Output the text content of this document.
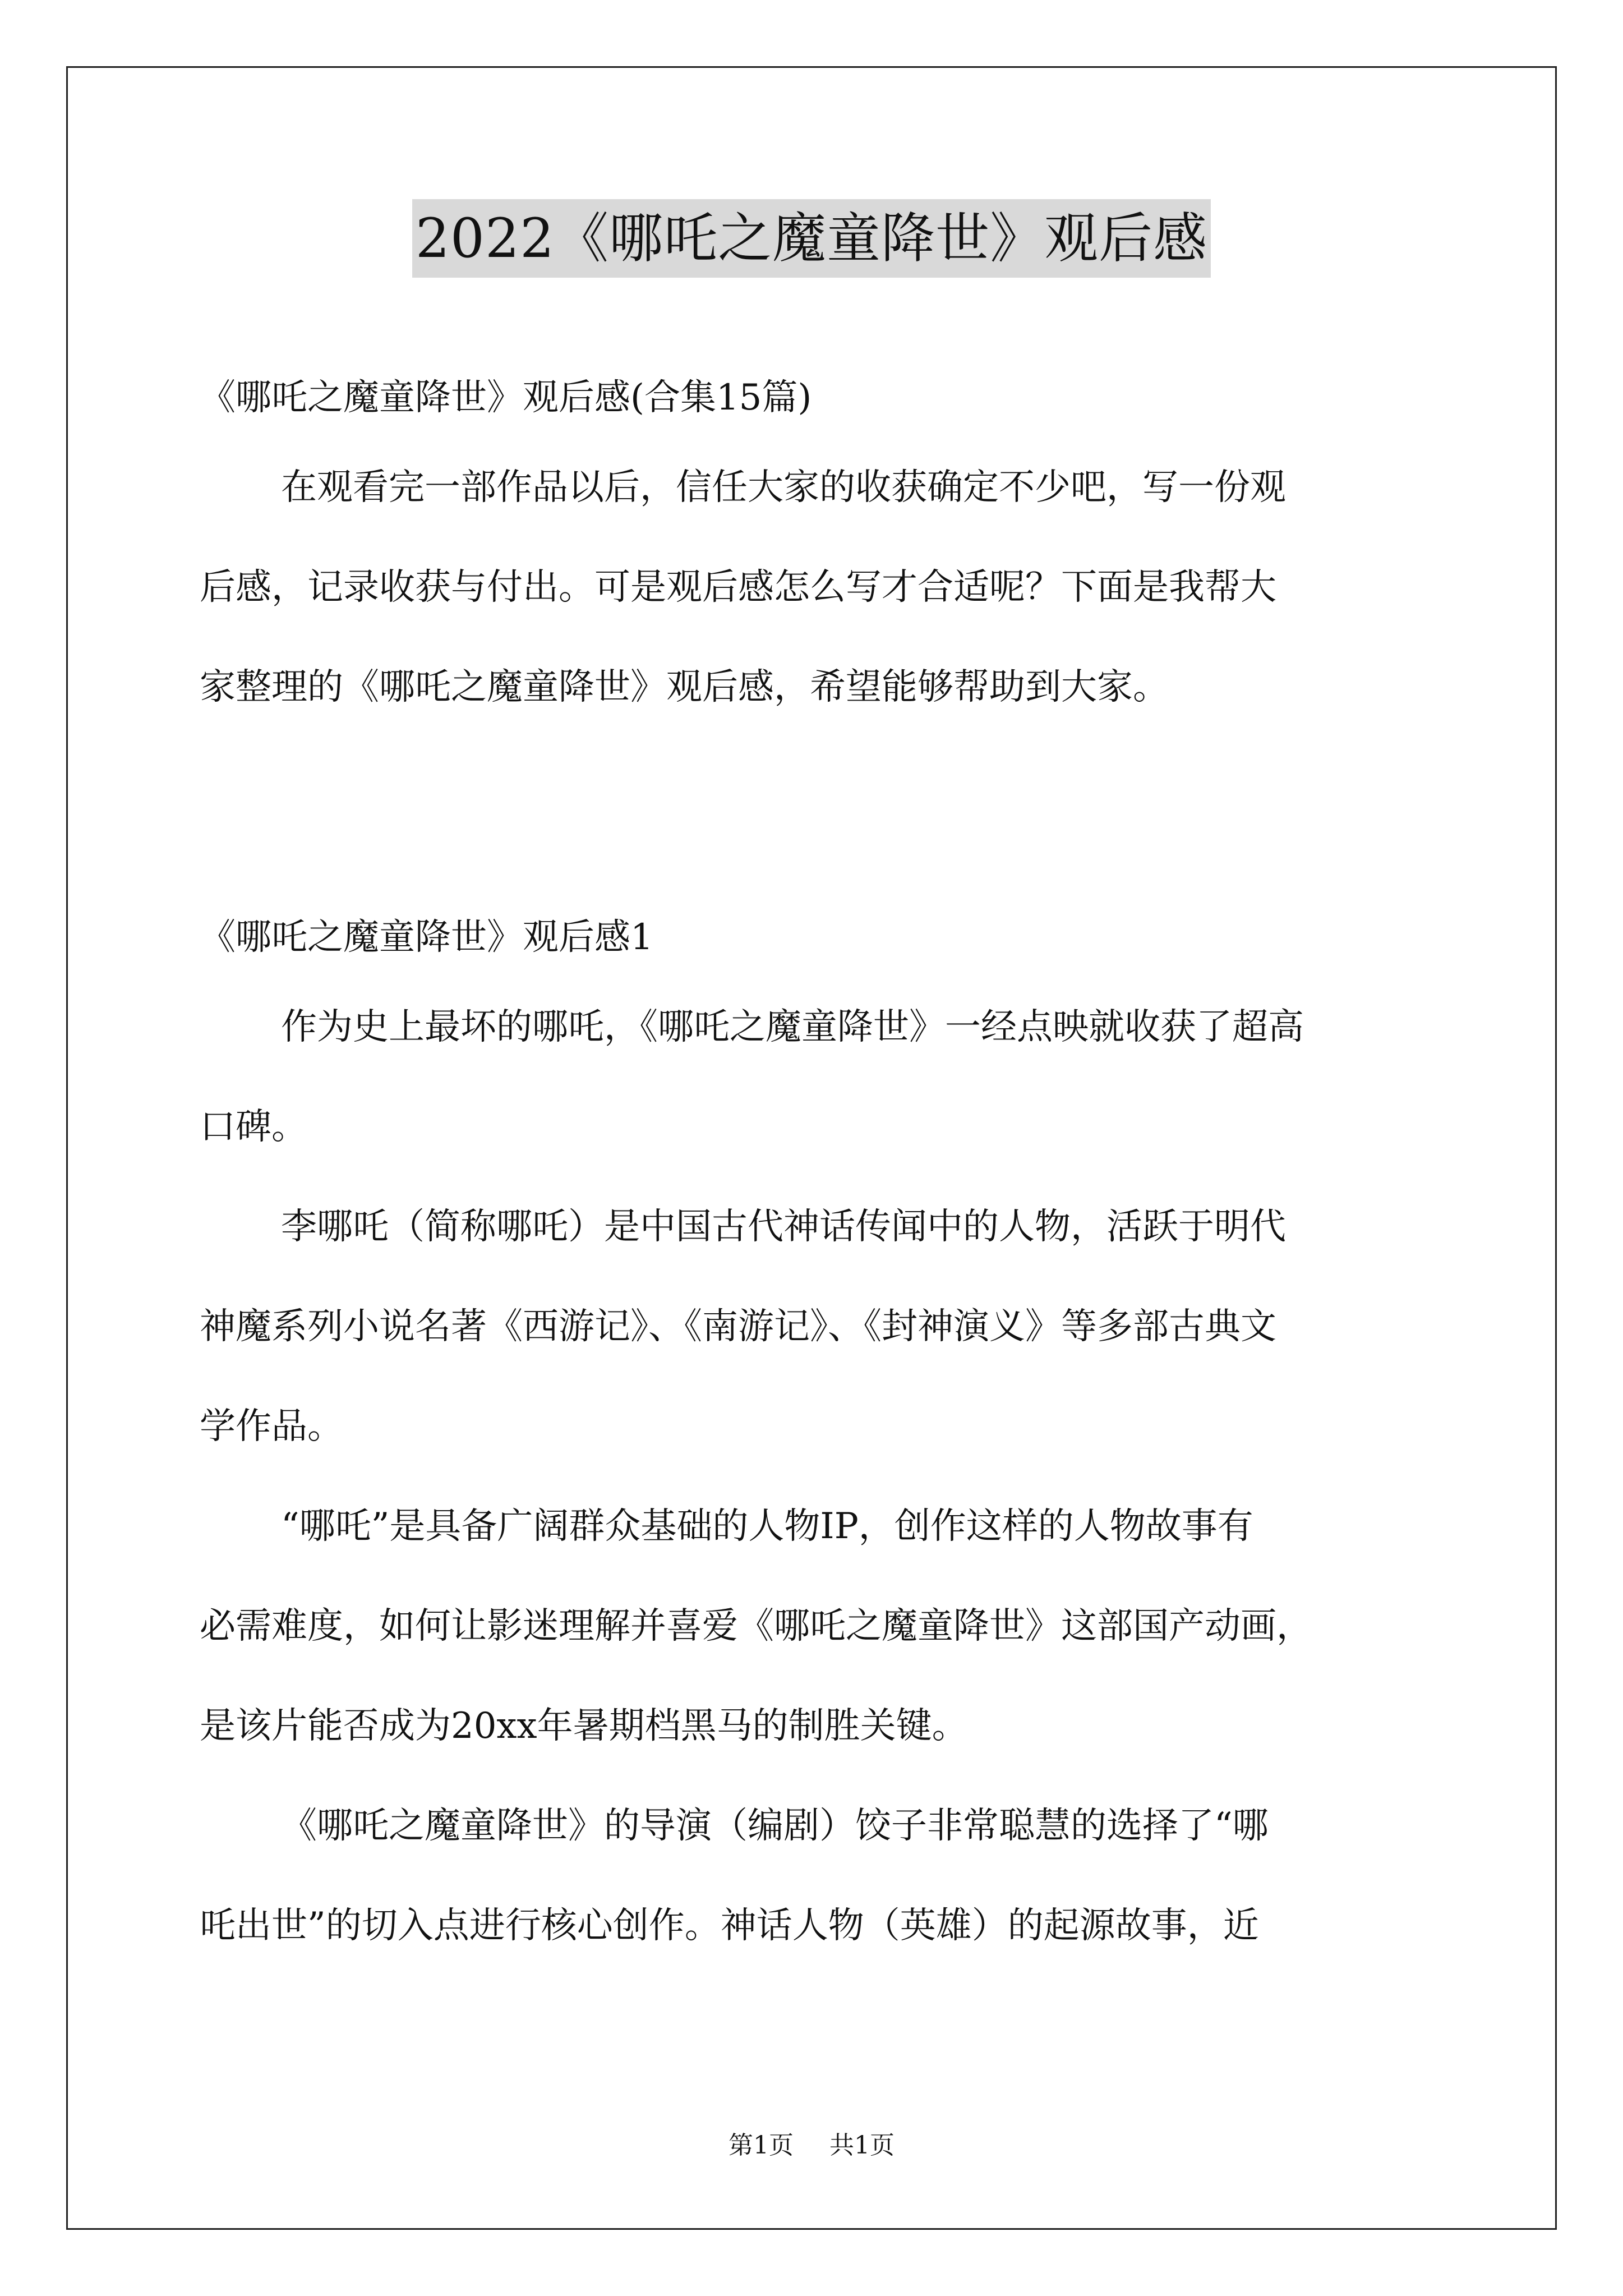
2022《哪吒之魔童降世》观后感

《哪吒之魔童降世》观后感(合集15篇)

在观看完一部作品以后，信任大家的收获确定不少吧，写一份观
后感，记录收获与付出。可是观后感怎么写才合适呢？下面是我帮大
家整理的《哪吒之魔童降世》观后感，希望能够帮助到大家。

《哪吒之魔童降世》观后感1

作为史上最坏的哪吒，《哪吒之魔童降世》一经点映就收获了超高
口碑。
李哪吒（简称哪吒）是中国古代神话传闻中的人物，活跃于明代
神魔系列小说名著《西游记》、《南游记》、《封神演义》等多部古典文
学作品。
“哪吒”是具备广阔群众基础的人物IP，创作这样的人物故事有
必需难度，如何让影迷理解并喜爱《哪吒之魔童降世》这部国产动画，
是该片能否成为20xx年暑期档黑马的制胜关键。
《哪吒之魔童降世》的导演（编剧）饺子非常聪慧的选择了“哪
吒出世”的切入点进行核心创作。神话人物（英雄）的起源故事，近
第1页 共1页
